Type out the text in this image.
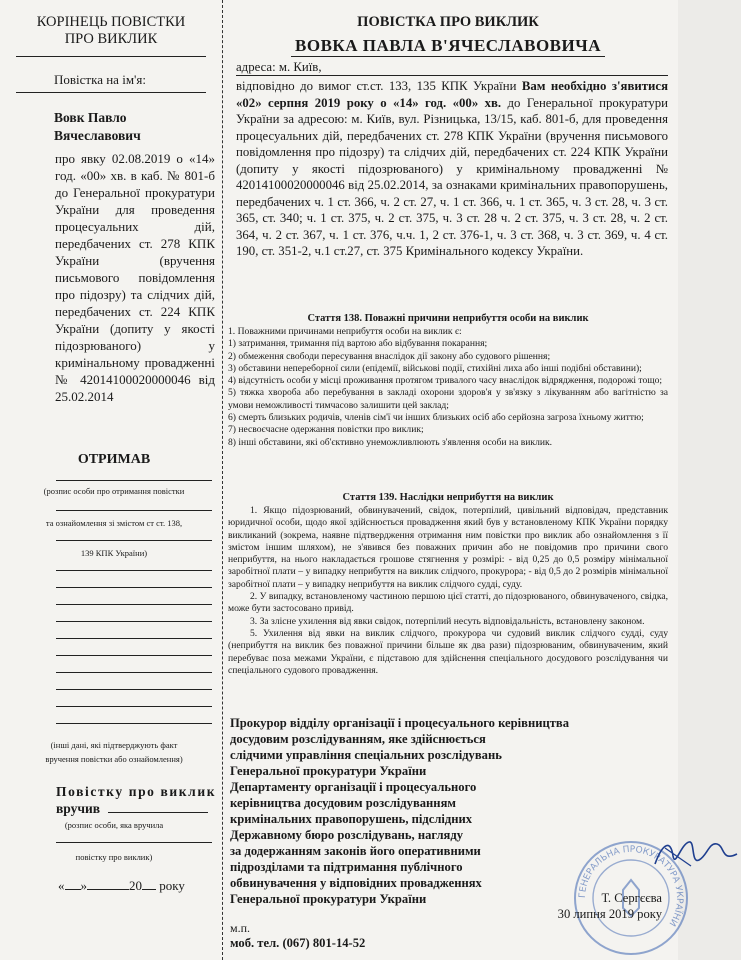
КОРІНЕЦЬ ПОВІСТКИ
ПРО ВИКЛИК
Повістка на ім'я:
Вовк Павло
Вячеславович
про явку 02.08.2019 о «14» год. «00» хв. в каб. № 801-б до Генеральної прокуратури України для проведення процесуальних дій, передбачених ст. 278 КПК України (вручення письмового повідомлення про підозру) та слідчих дій, передбачених ст. 224 КПК України (допиту у якості підозрюваного) у кримінальному провадженні № 42014100020000046 від 25.02.2014
ОТРИМАВ
(розпис особи про отримання повістки
та ознайомлення зі змістом ст ст. 138,
139 КПК України)
(інші дані, які підтверджують факт
вручення повістки або ознайомлення)
Повістку про виклик
вручив
(розпис особи, яка вручила
повістку про виклик)
« »	20 року
ПОВІСТКА ПРО ВИКЛИК
ВОВКА ПАВЛА В'ЯЧЕСЛАВОВИЧА
адреса: м. Київ,
відповідно до вимог ст.ст. 133, 135 КПК України Вам необхідно з'явитися «02» серпня 2019 року о «14» год. «00» хв. до Генеральної прокуратури України за адресою: м. Київ, вул. Різницька, 13/15, каб. 801-б, для проведення процесуальних дій, передбачених ст. 278 КПК України (вручення письмового повідомлення про підозру) та слідчих дій, передбачених ст. 224 КПК України (допиту у якості підозрюваного) у кримінальному провадженні № 42014100020000046 від 25.02.2014, за ознаками кримінальних правопорушень, передбачених ч. 1 ст. 366, ч. 2 ст. 27, ч. 1 ст. 366, ч. 1 ст. 365, ч. 3 ст. 28, ч. 3 ст. 365, ст. 340; ч. 1 ст. 375, ч. 2 ст. 375, ч. 3 ст. 28 ч. 2 ст. 375, ч. 3 ст. 28, ч. 2 ст. 364, ч. 2 ст. 367, ч. 1 ст. 376, ч.ч. 1, 2 ст. 376-1, ч. 3 ст. 368, ч. 3 ст. 369, ч. 4 ст. 190, ст. 351-2, ч.1 ст.27, ст. 375 Кримінального кодексу України.
Стаття 138. Поважні причини неприбуття особи на виклик

1. Поважними причинами неприбуття особи на виклик є:

1) затримання, тримання під вартою або відбування покарання;

2) обмеження свободи пересування внаслідок дії закону або судового рішення;

3) обставини непереборної сили (епідемії, військові події, стихійні лиха або інші подібні обставини);

4) відсутність особи у місці проживання протягом тривалого часу внаслідок відрядження, подорожі тощо;

5) тяжка хвороба або перебування в закладі охорони здоров'я у зв'язку з лікуванням або вагітністю за умови неможливості тимчасово залишити цей заклад;

6) смерть близьких родичів, членів сім'ї чи інших близьких осіб або серйозна загроза їхньому життю;

7) несвоєчасне одержання повістки про виклик;

8) інші обставини, які об'єктивно унеможливлюють з'явлення особи на виклик.

Стаття 139. Наслідки неприбуття на виклик

1. Якщо підозрюваний, обвинувачений, свідок, потерпілий, цивільний відповідач, представник юридичної особи, щодо якої здійснюється провадження який був у встановленому КПК України порядку викликаний (зокрема, наявне підтвердження отримання ним повістки про виклик або ознайомлення з її змістом іншим шляхом), не з'явився без поважних причин або не повідомив про причини свого неприбуття, на нього накладається грошове стягнення у розмірі: - від 0,25 до 0,5 розміру мінімальної заробітної плати – у випадку неприбуття на виклик слідчого, прокурора; - від 0,5 до 2 розмірів мінімальної заробітної плати – у випадку неприбуття на виклик слідчого судді, суду.

2. У випадку, встановленому частиною першою цієї статті, до підозрюваного, обвинуваченого, свідка, може бути застосовано привід.

3. За злісне ухилення від явки свідок, потерпілий несуть відповідальність, встановлену законом.

5. Ухилення від явки на виклик слідчого, прокурора чи судовий виклик слідчого судді, суду (неприбуття на виклик без поважної причини більше як два рази) підозрюваним, обвинуваченим, який перебуває поза межами України, є підставою для здійснення спеціального досудового розслідування чи спеціального судового провадження.

Прокурор відділу організації і процесуального керівництва
досудовим розслідуванням, яке здійснюється
слідчими управління спеціальних розслідувань
Генеральної прокуратури України
Департаменту організації і процесуального
керівництва досудовим розслідуванням
кримінальних правопорушень, підслідних
Державному бюро розслідувань, нагляду
за додержанням законів його оперативними
підрозділами та підтримання публічного
обвинувачення у відповідних провадженнях
Генеральної прокуратури України	ГЕНЕРАЛЬНА ПРОКУРАТУРА УКРАЇНИ
Т. Сергєєва
м.п.
30 липня 2019 року
моб. тел. (067) 801-14-52
